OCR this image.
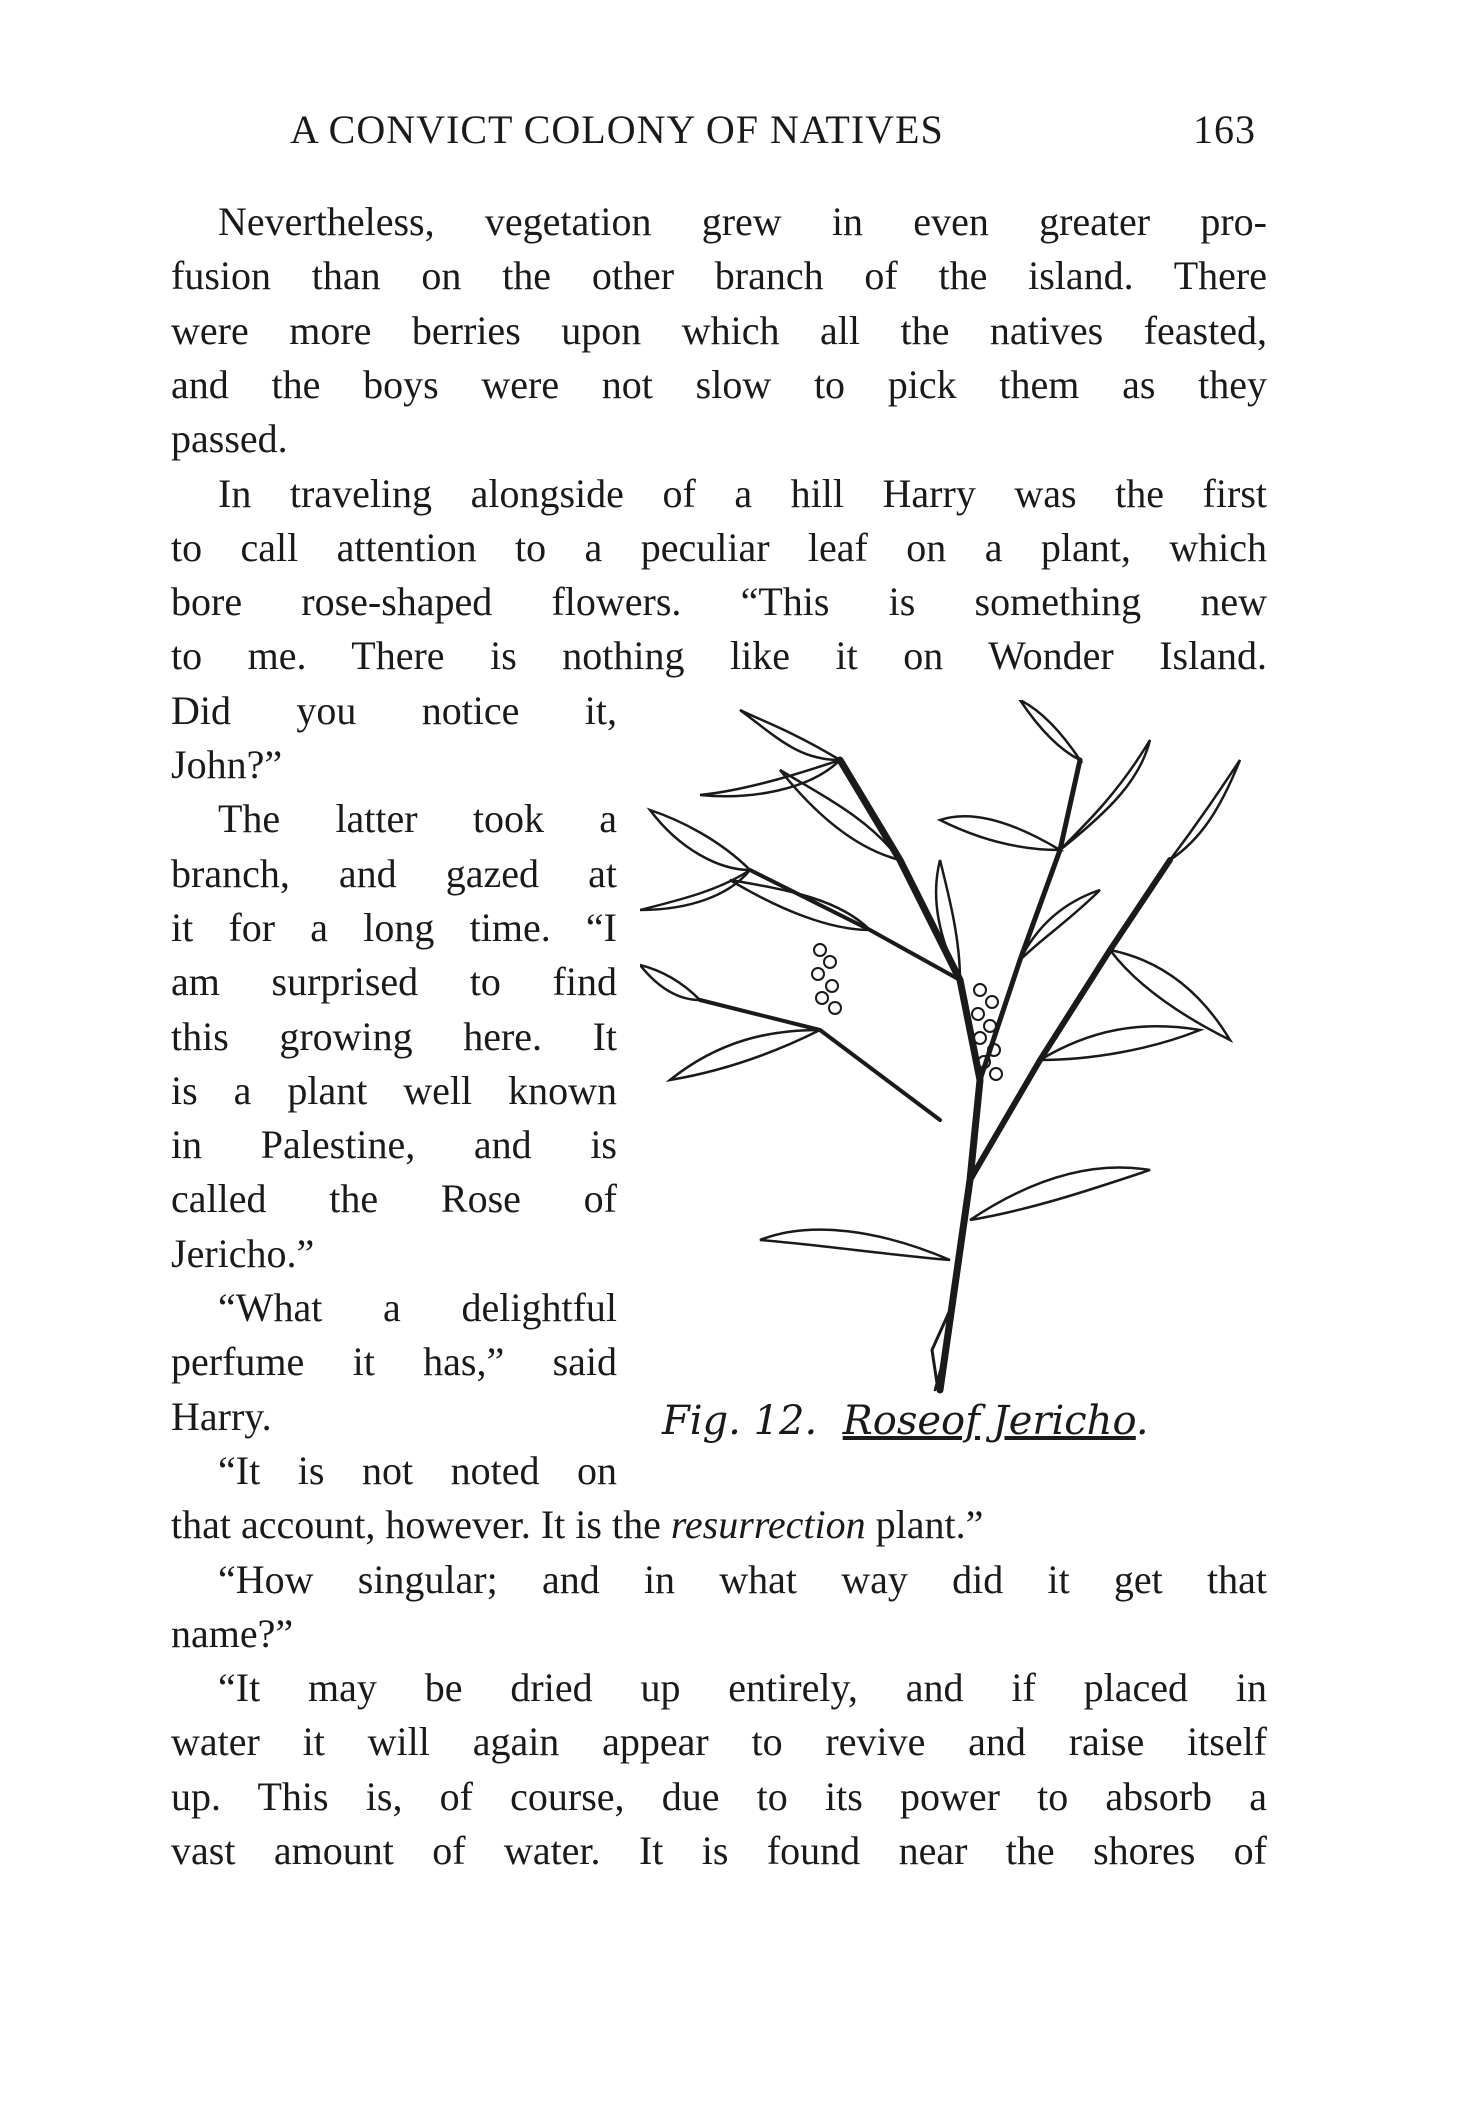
A CONVICT COLONY OF NATIVES	163
Nevertheless, vegetation grew in even greater pro-
fusion than on the other branch of the island. There
were more berries upon which all the natives feasted,
and the boys were not slow to pick them as they
passed.
In traveling alongside of a hill Harry was the first
to call attention to a peculiar leaf on a plant, which
bore rose-shaped flowers. “This is something new
to me. There is nothing like it on Wonder Island.
Did you notice it,
John?”
The latter took a
branch, and gazed at
it for a long time. “I
am surprised to find
this growing here. It
is a plant well known
in Palestine, and is
called the Rose of
Jericho.”
“What a delightful
perfume it has,” said
Harry.
“It is not noted on
that account, however. It is the resurrection plant.”
“How singular; and in what way did it get that
name?”
“It may be dried up entirely, and if placed in
water it will again appear to revive and raise itself
up. This is, of course, due to its power to absorb a
vast amount of water. It is found near the shores of
Fig. 12. Roseof Jericho.
